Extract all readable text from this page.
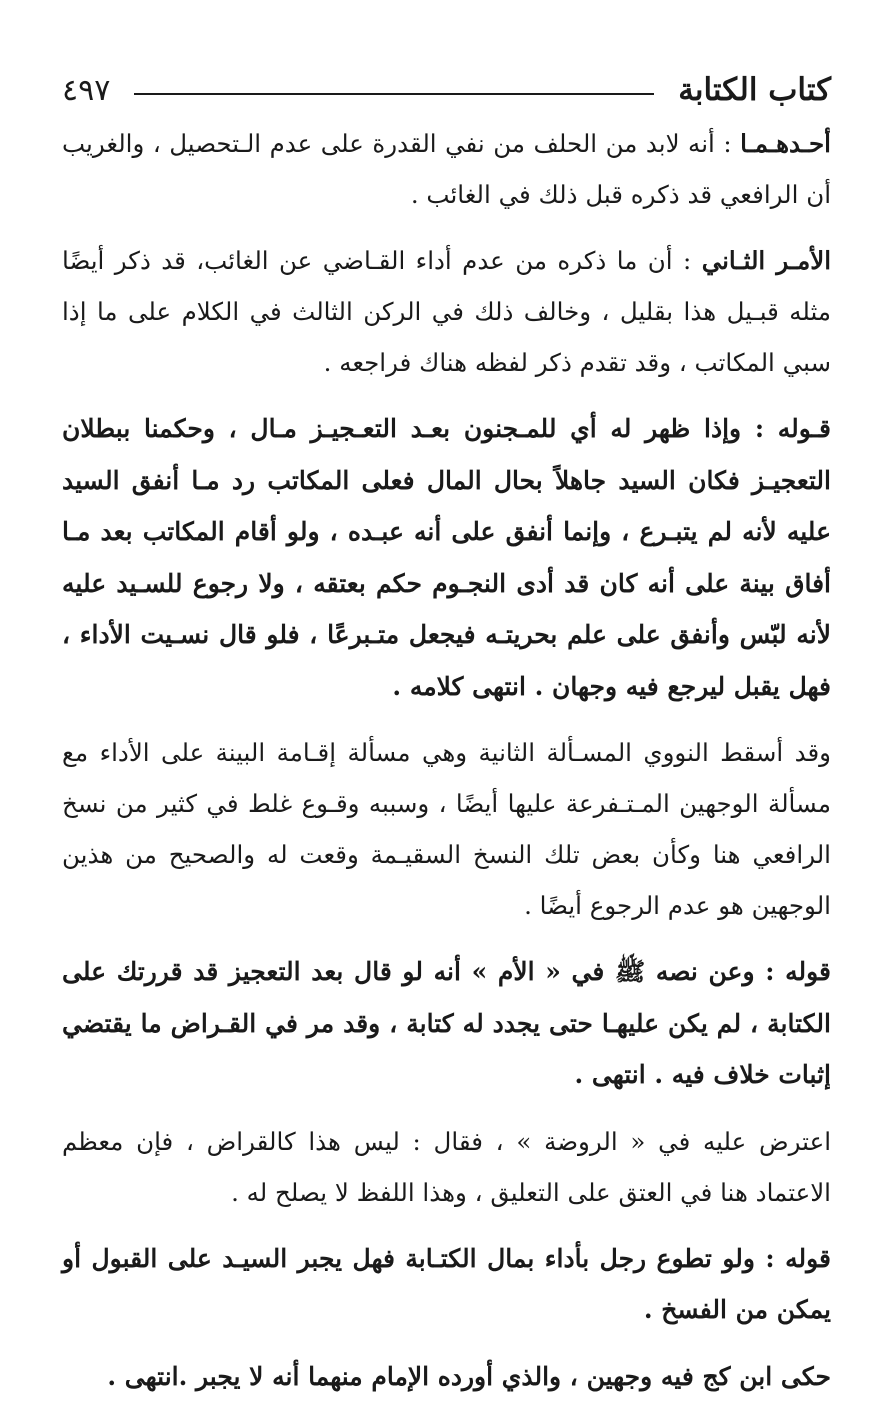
كتاب الكتابة
٤٩٧

أحـدهـمـا : أنه لابد من الحلف من نفي القدرة على عدم الـتحصيل ، والغريب أن الرافعي قد ذكره قبل ذلك في الغائب .

الأمـر الثـاني : أن ما ذكره من عدم أداء القـاضي عن الغائب، قد ذكر أيضًا مثله قبـيل هذا بقليل ، وخالف ذلك في الركن الثالث في الكلام على ما إذا سبي المكاتب ، وقد تقدم ذكر لفظه هناك فراجعه .

قـوله : وإذا ظهر له أي للمـجنون بعـد التعـجيـز مـال ، وحكمنا ببطلان التعجيـز فكان السيد جاهلاً بحال المال فعلى المكاتب رد مـا أنفق السيد عليه لأنه لم يتبـرع ، وإنما أنفق على أنه عبـده ، ولو أقام المكاتب بعد مـا أفاق بينة على أنه كان قد أدى النجـوم حكم بعتقه ، ولا رجوع للسـيد عليه لأنه لبّس وأنفق على علم بحريتـه فيجعل متـبرعًا ، فلو قال نسـيت الأداء ، فهل يقبل ليرجع فيه وجهان . انتهى كلامه .

وقد أسقط النووي المسـألة الثانية وهي مسألة إقـامة البينة على الأداء مع مسألة الوجهين المـتـفرعة عليها أيضًا ، وسببه وقـوع غلط في كثير من نسخ الرافعي هنا وكأن بعض تلك النسخ السقيـمة وقعت له والصحيح من هذين الوجهين هو عدم الرجوع أيضًا .

قوله : وعن نصه ﷺ في « الأم » أنه لو قال بعد التعجيز قد قررتك على الكتابة ، لم يكن عليهـا حتى يجدد له كتابة ، وقد مر في القـراض ما يقتضي إثبات خلاف فيه . انتهى .

اعترض عليه في « الروضة » ، فقال : ليس هذا كالقراض ، فإن معظم الاعتماد هنا في العتق على التعليق ، وهذا اللفظ لا يصلح له .

قوله : ولو تطوع رجل بأداء بمال الكتـابة فهل يجبر السيـد على القبول أو يمكن من الفسخ .

حكى ابن كج فيه وجهين ، والذي أورده الإمام منهما أنه لا يجبر .انتهى .
